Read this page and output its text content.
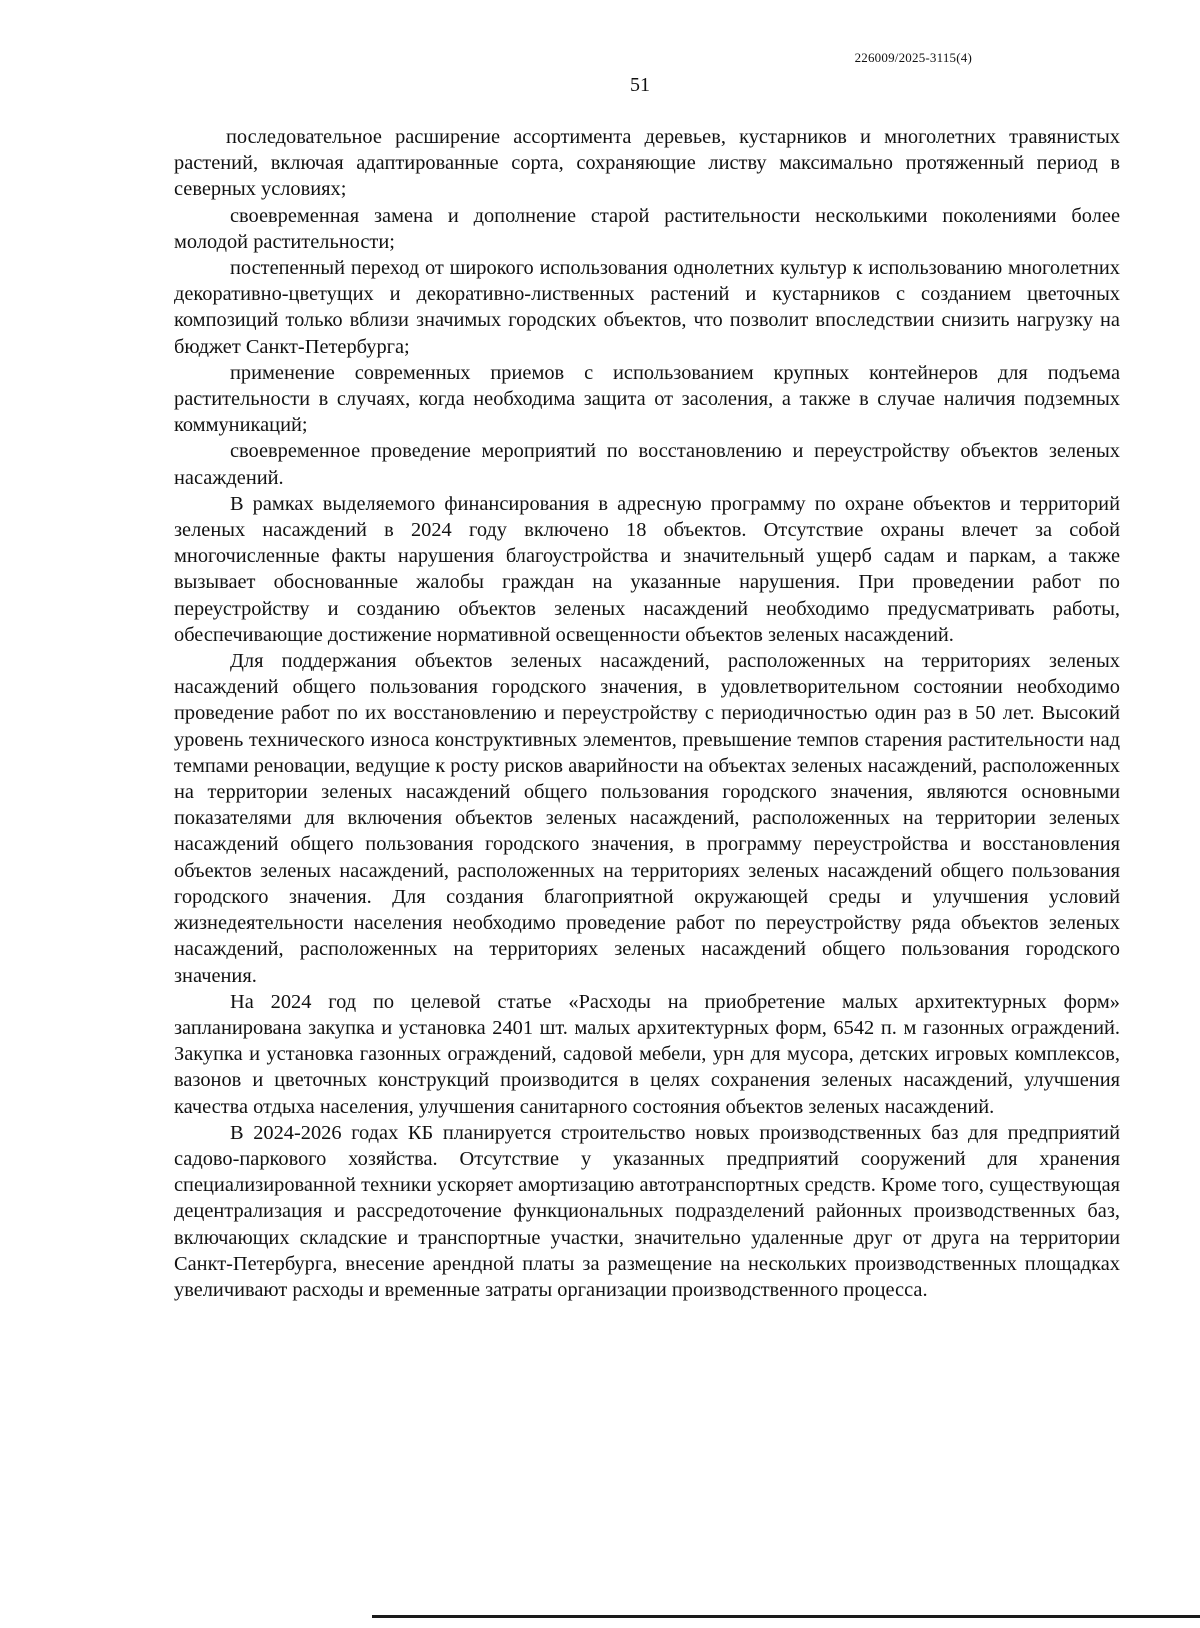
226009/2025-3115(4)
51

последовательное расширение ассортимента деревьев, кустарников и многолетних травянистых растений, включая адаптированные сорта, сохраняющие листву максимально протяженный период в северных условиях;

своевременная замена и дополнение старой растительности несколькими поколениями более молодой растительности;

постепенный переход от широкого использования однолетних культур к использованию многолетних декоративно-цветущих и декоративно-лиственных растений и кустарников с созданием цветочных композиций только вблизи значимых городских объектов, что позволит впоследствии снизить нагрузку на бюджет Санкт-Петербурга;

применение современных приемов с использованием крупных контейнеров для подъема растительности в случаях, когда необходима защита от засоления, а также в случае наличия подземных коммуникаций;

своевременное проведение мероприятий по восстановлению и переустройству объектов зеленых насаждений.

В рамках выделяемого финансирования в адресную программу по охране объектов и территорий зеленых насаждений в 2024 году включено 18 объектов. Отсутствие охраны влечет за собой многочисленные факты нарушения благоустройства и значительный ущерб садам и паркам, а также вызывает обоснованные жалобы граждан на указанные нарушения. При проведении работ по переустройству и созданию объектов зеленых насаждений необходимо предусматривать работы, обеспечивающие достижение нормативной освещенности объектов зеленых насаждений.

Для поддержания объектов зеленых насаждений, расположенных на территориях зеленых насаждений общего пользования городского значения, в удовлетворительном состоянии необходимо проведение работ по их восстановлению и переустройству с периодичностью один раз в 50 лет. Высокий уровень технического износа конструктивных элементов, превышение темпов старения растительности над темпами реновации, ведущие к росту рисков аварийности на объектах зеленых насаждений, расположенных на территории зеленых насаждений общего пользования городского значения, являются основными показателями для включения объектов зеленых насаждений, расположенных на территории зеленых насаждений общего пользования городского значения, в программу переустройства и восстановления объектов зеленых насаждений, расположенных на территориях зеленых насаждений общего пользования городского значения. Для создания благоприятной окружающей среды и улучшения условий жизнедеятельности населения необходимо проведение работ по переустройству ряда объектов зеленых насаждений, расположенных на территориях зеленых насаждений общего пользования городского значения.

На 2024 год по целевой статье «Расходы на приобретение малых архитектурных форм» запланирована закупка и установка 2401 шт. малых архитектурных форм, 6542 п. м газонных ограждений. Закупка и установка газонных ограждений, садовой мебели, урн для мусора, детских игровых комплексов, вазонов и цветочных конструкций производится в целях сохранения зеленых насаждений, улучшения качества отдыха населения, улучшения санитарного состояния объектов зеленых насаждений.

В 2024-2026 годах КБ планируется строительство новых производственных баз для предприятий садово-паркового хозяйства. Отсутствие у указанных предприятий сооружений для хранения специализированной техники ускоряет амортизацию автотранспортных средств. Кроме того, существующая децентрализация и рассредоточение функциональных подразделений районных производственных баз, включающих складские и транспортные участки, значительно удаленные друг от друга на территории Санкт-Петербурга, внесение арендной платы за размещение на нескольких производственных площадках увеличивают расходы и временные затраты организации производственного процесса.
